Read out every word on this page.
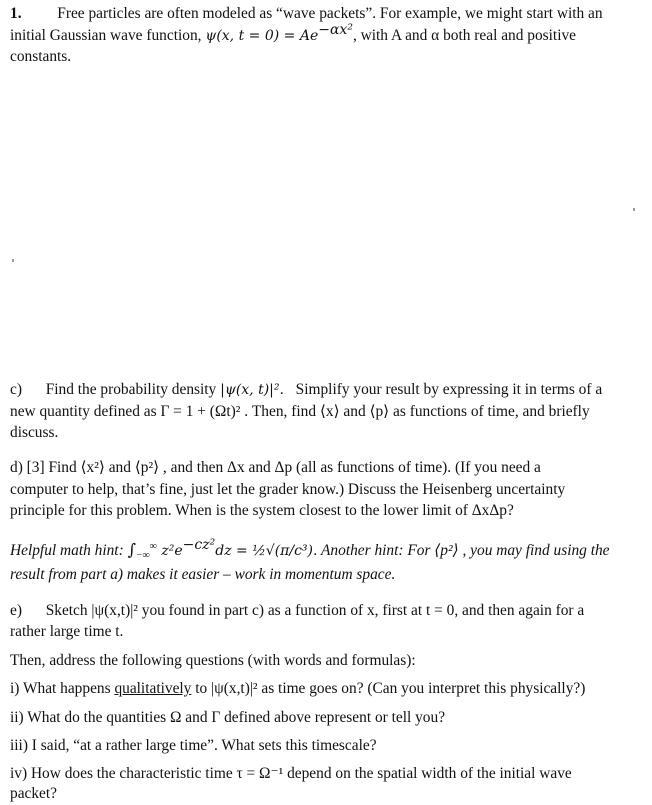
1. Free particles are often modeled as “wave packets”. For example, we might start with an
initial Gaussian wave function, ψ(x, $t = 0) = Ae^{-\alpha x^2}$, with A and α both real and positive
constants.
c) Find the probability density |ψ(x, t)|². Simplify your result by expressing it in terms of a
new quantity defined as Γ = 1 + (Ωt)² . Then, find ⟨x⟩ and ⟨p⟩ as functions of time, and briefly
discuss.
d) [3] Find ⟨x²⟩ and ⟨p²⟩ , and then Δx and Δp (all as functions of time). (If you need a
computer to help, that’s fine, just let the grader know.) Discuss the Heisenberg uncertainty
principle for this problem. When is the system closest to the lower limit of ΔxΔp?
Helpful math hint: $\int_{-\infty}^\infty$ $z^2e^{-cz^2}dz$ = ½√(π/c³). Another hint: For ⟨p²⟩ , you may find using the
result from part a) makes it easier – work in momentum space.
e) Sketch |ψ(x,t)|² you found in part c) as a function of x, first at t = 0, and then again for a
rather large time t.
Then, address the following questions (with words and formulas):
i) What happens qualitatively to |ψ(x,t)|² as time goes on? (Can you interpret this physically?)
ii) What do the quantities Ω and Γ defined above represent or tell you?
iii) I said, “at a rather large time”. What sets this timescale?
iv) How does the characteristic time τ = Ω⁻¹ depend on the spatial width of the initial wave
packet?
